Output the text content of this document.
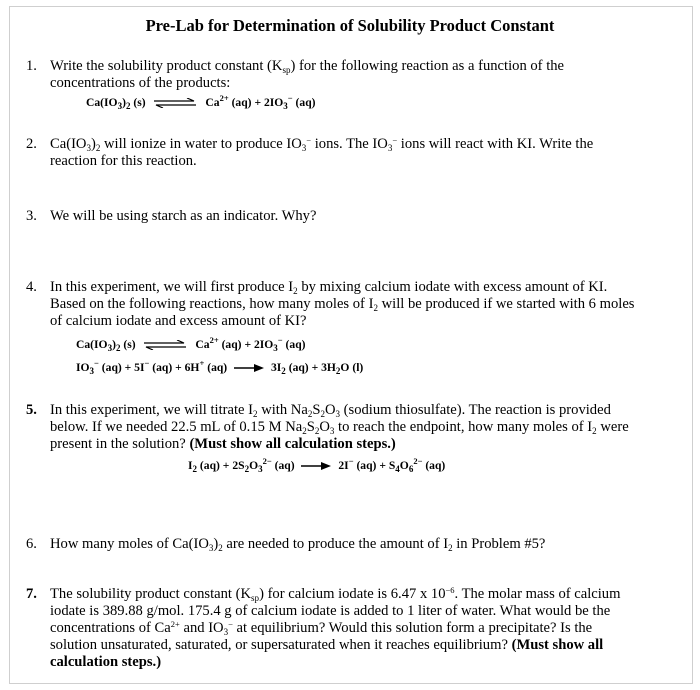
Pre-Lab for Determination of Solubility Product Constant
1. Write the solubility product constant $(K_{sp})$ for the following reaction as a function of the

concentrations of the products:

$Ca(IO_3)_2$ (s) ⇌ $Ca^{2+}$ $(aq) + 2IO_3^-$ (aq)
2. $Ca(IO_3)_2$ will ionize in water to produce $IO_3^-$ ions. The $IO_3^-$ ions will react with KI. Write the

reaction for this reaction.

3. We will be using starch as an indicator. Why?

4. In this experiment, we will first produce $I_2$ by mixing calcium iodate with excess amount of KI.

Based on the following reactions, how many moles of $I_2$ will be produced if we started with 6 moles

of calcium iodate and excess amount of KI?

$Ca(IO_3)_2$ (s) ⇌ $Ca^{2+}$ $(aq) + 2IO_3^-$ (aq)
$IO_3^-$ (aq) + 5I− (aq) + 6H+ $(aq) \to 3I_2$ $(aq) + 3H_2O$ (l)
5. In this experiment, we will titrate $I_2$ with $Na_2S_2O_3$ (sodium thiosulfate). The reaction is provided

below. If we needed 22.5 mL of 0.15 M $Na_2S_2O_3$ to reach the endpoint, how many moles of $I_2$ were

present in the solution? (Must show all calculation steps.)

$I_2$ $(aq) + 2S_2O_3^{2-}$ (aq) → 2I− $(aq) + S_4O_6^{2-}$ (aq)
6. How many moles of $Ca(IO_3)_2$ are needed to produce the amount of $I_2$ in Problem #5?

7. The solubility product constant $(K_{sp})$ for calcium iodate is 6.47 x $10^{-6}$. The molar mass of calcium

iodate is 389.88 g/mol. 175.4 g of calcium iodate is added to 1 liter of water. What would be the

concentrations of $Ca^{2+}$ and $IO_3^-$ at equilibrium? Would this solution form a precipitate? Is the

solution unsaturated, saturated, or supersaturated when it reaches equilibrium? (Must show all

calculation steps.)
